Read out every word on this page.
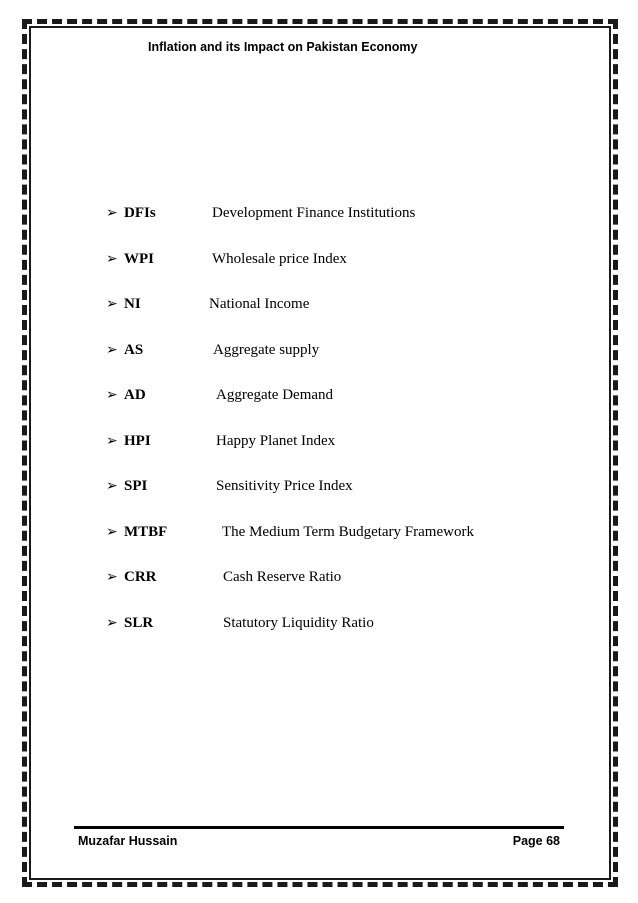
Inflation and its Impact on Pakistan Economy
➢ DFIs	Development Finance Institutions
➢ WPI	Wholesale price Index
➢ NI	National Income
➢ AS	Aggregate supply
➢ AD	Aggregate Demand
➢ HPI	Happy Planet Index
➢ SPI	Sensitivity Price Index
➢ MTBF	The Medium Term Budgetary Framework
➢ CRR	Cash Reserve Ratio
➢ SLR	Statutory Liquidity Ratio
Muzafar Hussain	Page 68
